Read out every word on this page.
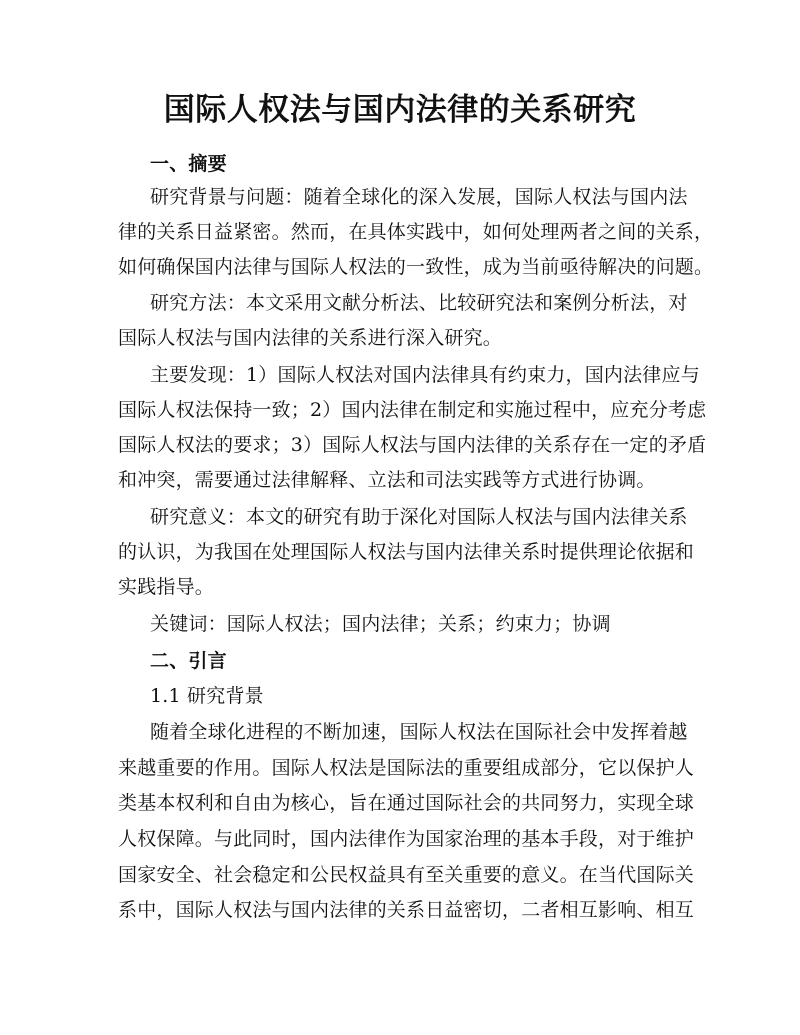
国际人权法与国内法律的关系研究
一、摘要
研究背景与问题：随着全球化的深入发展，国际人权法与国内法
律的关系日益紧密。然而，在具体实践中，如何处理两者之间的关系，
如何确保国内法律与国际人权法的一致性，成为当前亟待解决的问题。
研究方法：本文采用文献分析法、比较研究法和案例分析法，对
国际人权法与国内法律的关系进行深入研究。
主要发现：1）国际人权法对国内法律具有约束力，国内法律应与
国际人权法保持一致；2）国内法律在制定和实施过程中，应充分考虑
国际人权法的要求；3）国际人权法与国内法律的关系存在一定的矛盾
和冲突，需要通过法律解释、立法和司法实践等方式进行协调。
研究意义：本文的研究有助于深化对国际人权法与国内法律关系
的认识，为我国在处理国际人权法与国内法律关系时提供理论依据和
实践指导。
关键词：国际人权法；国内法律；关系；约束力；协调
二、引言
1.1 研究背景
随着全球化进程的不断加速，国际人权法在国际社会中发挥着越
来越重要的作用。国际人权法是国际法的重要组成部分，它以保护人
类基本权利和自由为核心，旨在通过国际社会的共同努力，实现全球
人权保障。与此同时，国内法律作为国家治理的基本手段，对于维护
国家安全、社会稳定和公民权益具有至关重要的意义。在当代国际关
系中，国际人权法与国内法律的关系日益密切，二者相互影响、相互
